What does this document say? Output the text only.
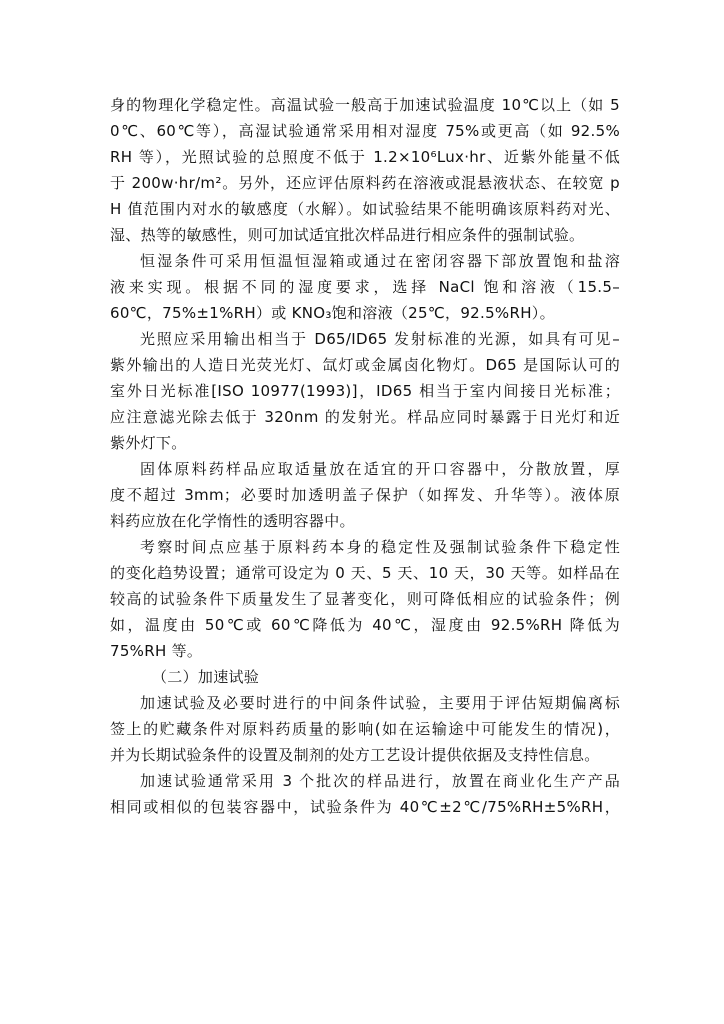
身的物理化学稳定性。高温试验一般高于加速试验温度 10℃以上（如 5
0℃、60℃等），高湿试验通常采用相对湿度 75%或更高（如 92.5%
RH 等），光照试验的总照度不低于 1.2×10⁶Lux·hr、近紫外能量不低
于 200w·hr/m²。另外，还应评估原料药在溶液或混悬液状态、在较宽 p
H 值范围内对水的敏感度（水解）。如试验结果不能明确该原料药对光、
湿、热等的敏感性，则可加试适宜批次样品进行相应条件的强制试验。
恒湿条件可采用恒温恒湿箱或通过在密闭容器下部放置饱和盐溶
液来实现。根据不同的湿度要求，选择 NaCl 饱和溶液（15.5–
60℃，75%±1%RH）或 KNO₃饱和溶液（25℃，92.5%RH）。
光照应采用输出相当于 D65/ID65 发射标准的光源，如具有可见–
紫外输出的人造日光荧光灯、氙灯或金属卤化物灯。D65 是国际认可的
室外日光标准[ISO 10977(1993)]，ID65 相当于室内间接日光标准；
应注意滤光除去低于 320nm 的发射光。样品应同时暴露于日光灯和近
紫外灯下。
固体原料药样品应取适量放在适宜的开口容器中，分散放置，厚
度不超过 3mm；必要时加透明盖子保护（如挥发、升华等）。液体原
料药应放在化学惰性的透明容器中。
考察时间点应基于原料药本身的稳定性及强制试验条件下稳定性
的变化趋势设置；通常可设定为 0 天、5 天、10 天，30 天等。如样品在
较高的试验条件下质量发生了显著变化，则可降低相应的试验条件；例
如，温度由 50℃或 60℃降低为 40℃，湿度由 92.5%RH 降低为
75%RH 等。
（二）加速试验
加速试验及必要时进行的中间条件试验，主要用于评估短期偏离标
签上的贮藏条件对原料药质量的影响(如在运输途中可能发生的情况)，
并为长期试验条件的设置及制剂的处方工艺设计提供依据及支持性信息。
加速试验通常采用 3 个批次的样品进行，放置在商业化生产产品
相同或相似的包装容器中，试验条件为 40℃±2℃/75%RH±5%RH，
